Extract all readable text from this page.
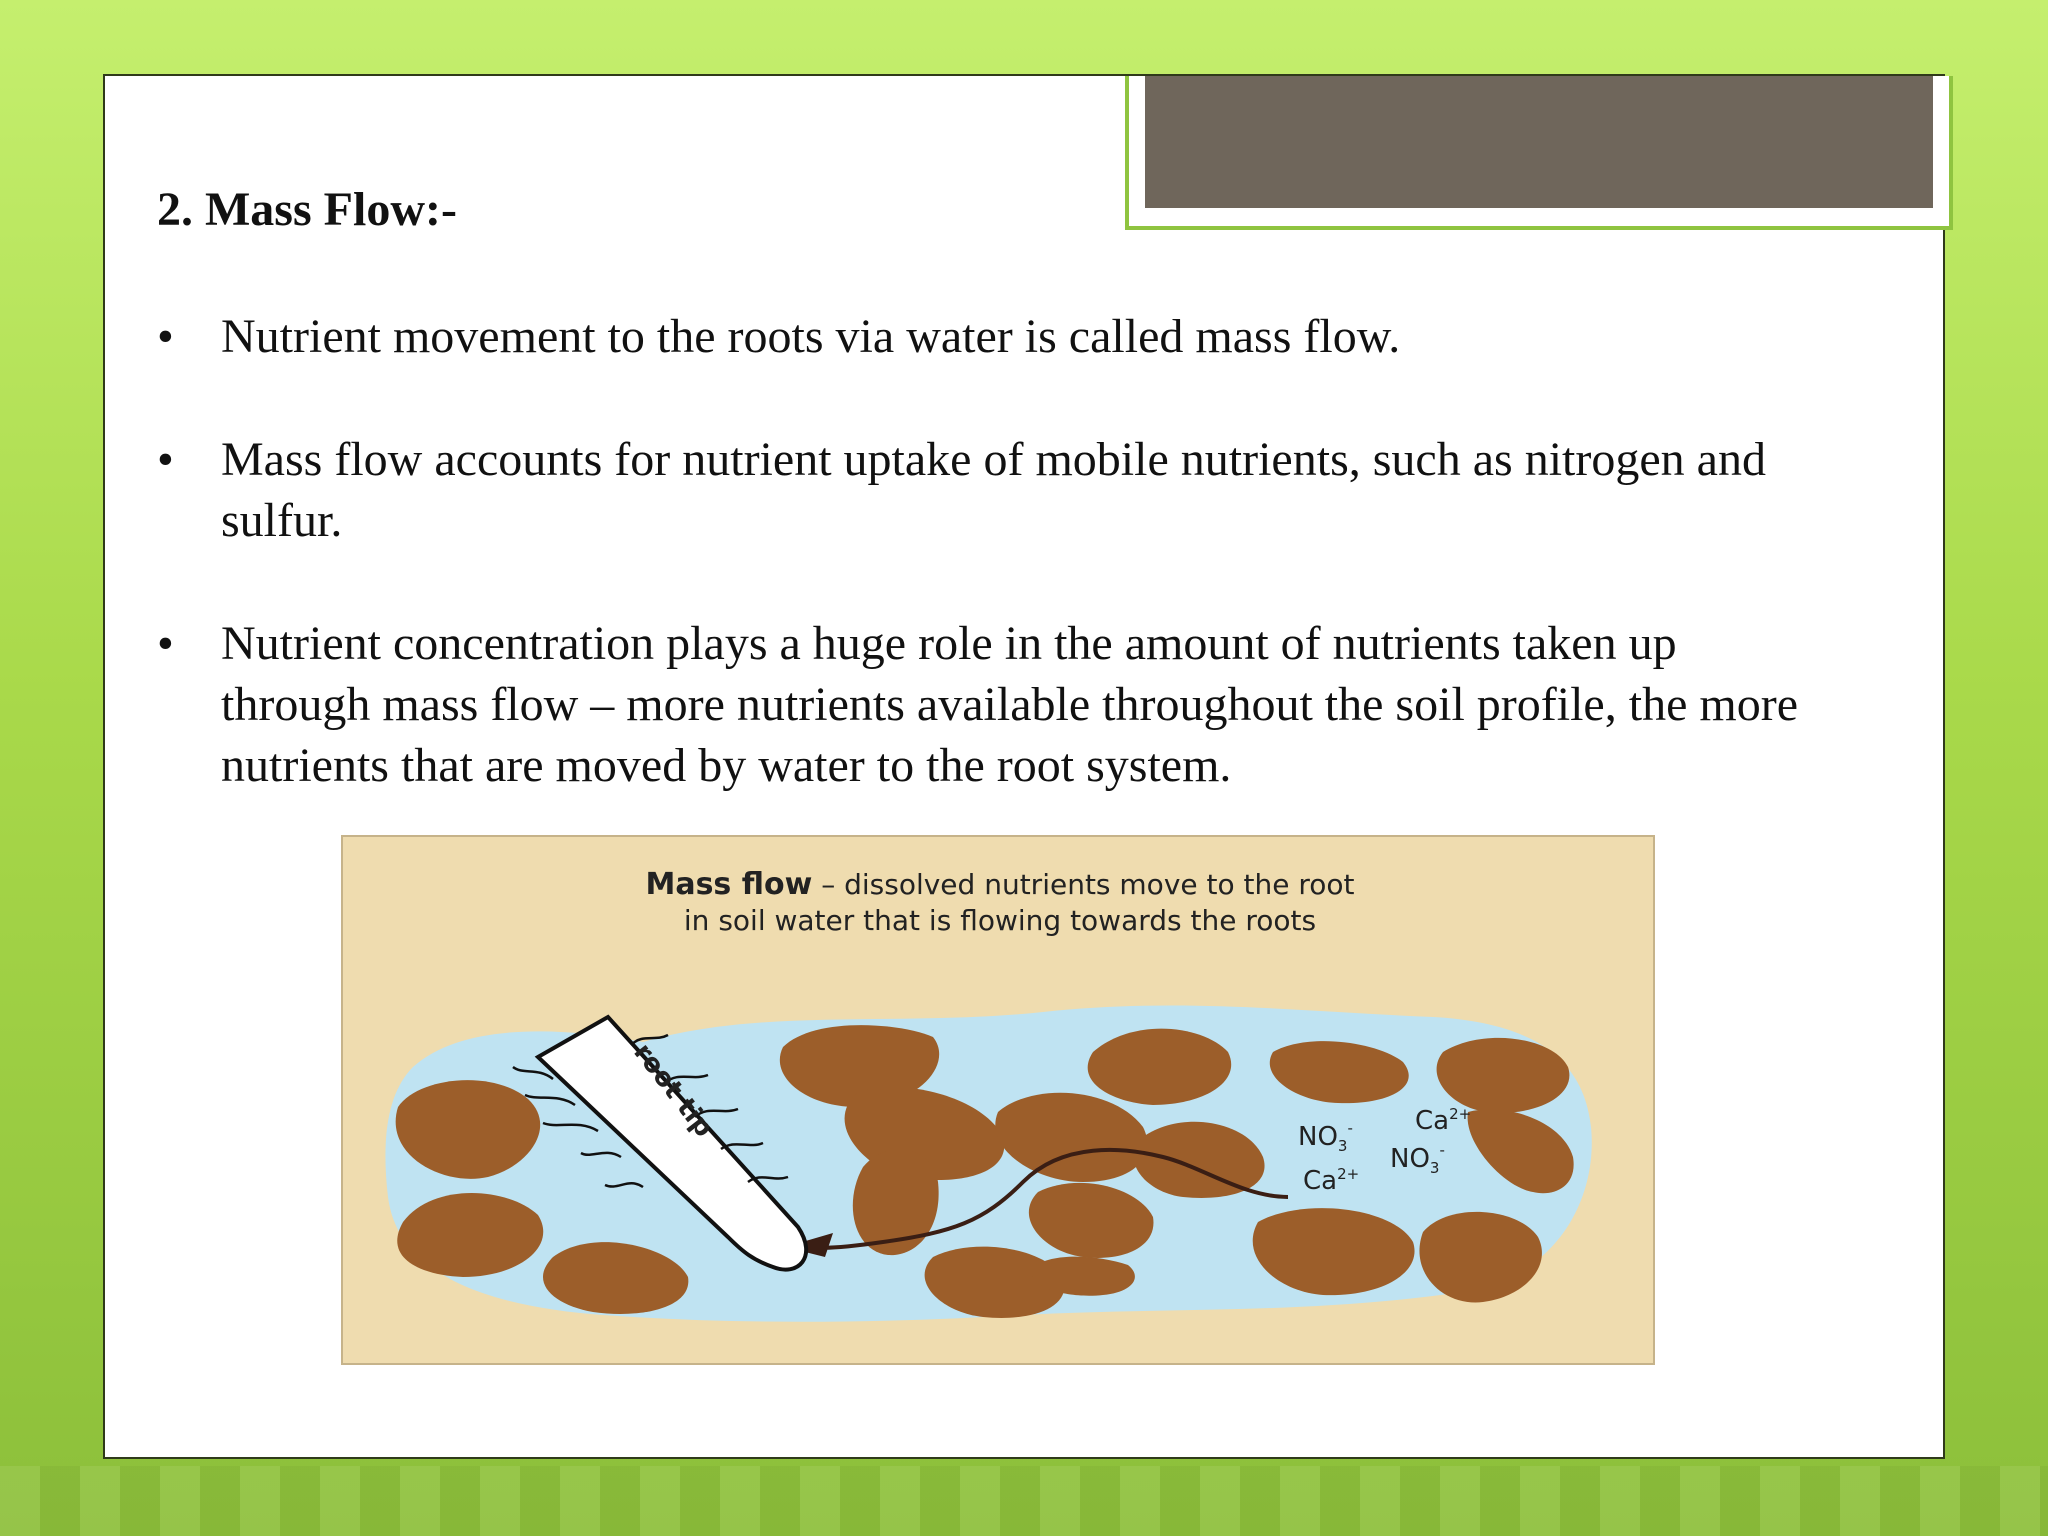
2. Mass Flow:-
• Nutrient movement to the roots via water is called mass flow.
• Mass flow accounts for nutrient uptake of mobile nutrients, such as nitrogen and sulfur.
• Nutrient concentration plays a huge role in the amount of nutrients taken up through mass flow – more nutrients available throughout the soil profile, the more nutrients that are moved by water to the root system.
root tip	$NO_3^-$ $Ca^{2+}$
$NO_3^-$
$Ca^{2+}$
Mass flow – dissolved nutrients move to the root
in soil water that is flowing towards the roots
